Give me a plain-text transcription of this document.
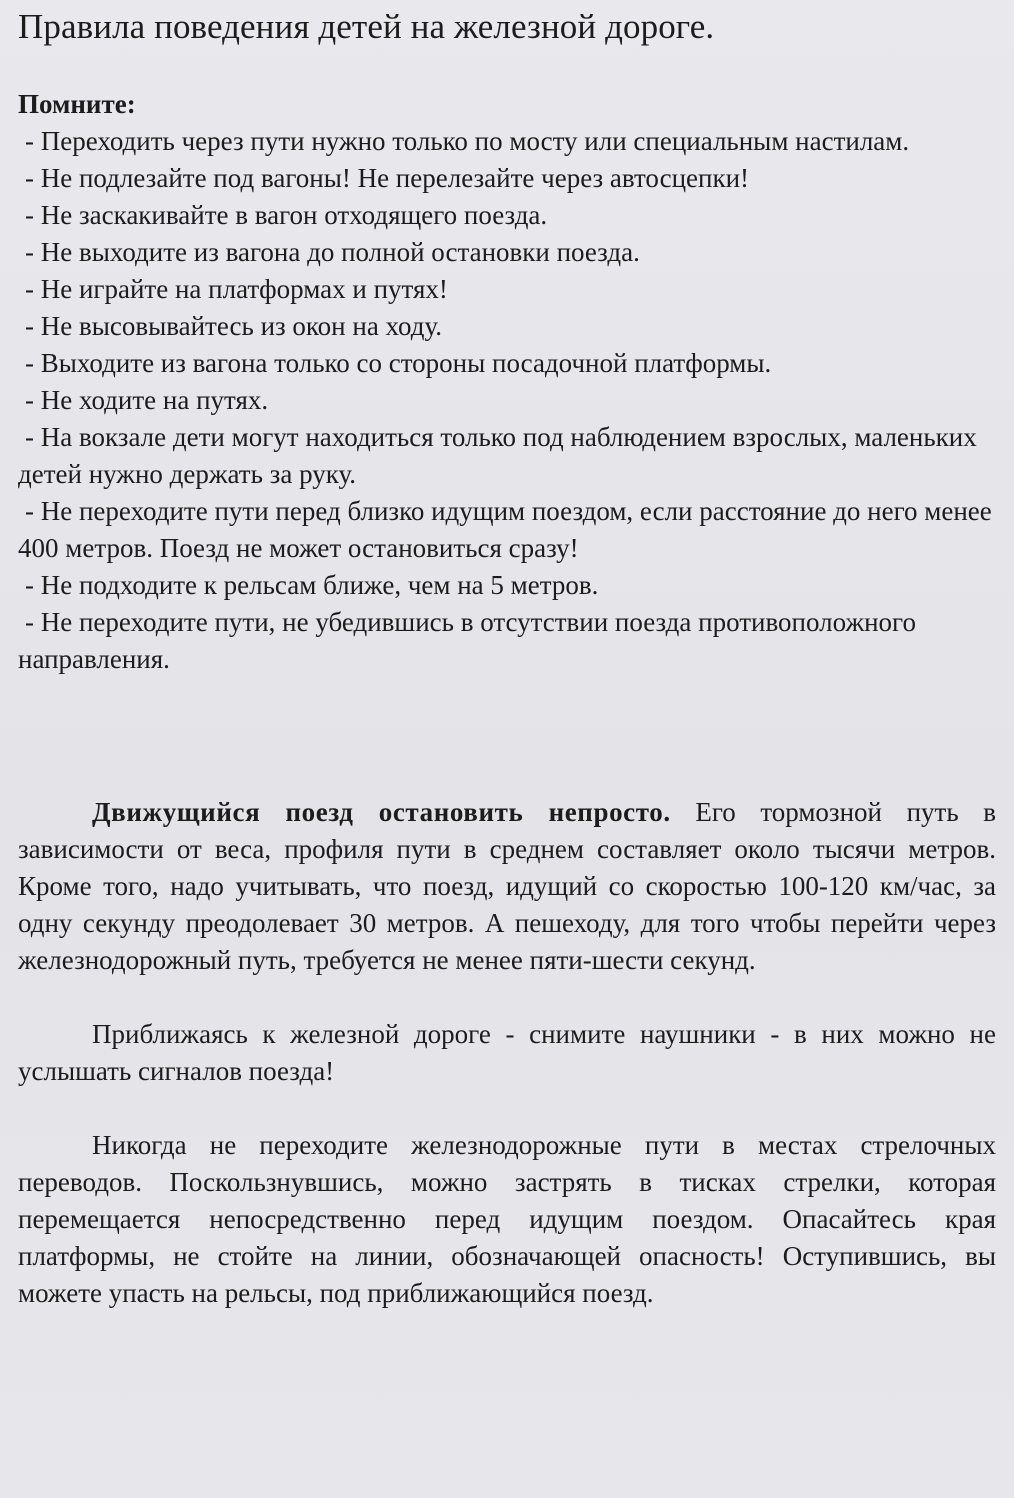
Правила поведения детей на железной дороге.

Помните:

- Переходить через пути нужно только по мосту или специальным настилам.
- Не подлезайте под вагоны! Не перелезайте через автосцепки!
- Не заскакивайте в вагон отходящего поезда.
- Не выходите из вагона до полной остановки поезда.
- Не играйте на платформах и путях!
- Не высовывайтесь из окон на ходу.
- Выходите из вагона только со стороны посадочной платформы.
- Не ходите на путях.
- На вокзале дети могут находиться только под наблюдением взрослых, маленьких детей нужно держать за руку.
- Не переходите пути перед близко идущим поездом, если расстояние до него менее 400 метров. Поезд не может остановиться сразу!
- Не подходите к рельсам ближе, чем на 5 метров.
- Не переходите пути, не убедившись в отсутствии поезда противоположного направления.

Движущийся поезд остановить непросто. Его тормозной путь в зависимости от веса, профиля пути в среднем составляет около тысячи метров. Кроме того, надо учитывать, что поезд, идущий со скоростью 100-120 км/час, за одну секунду преодолевает 30 метров. А пешеходу, для того чтобы перейти через железнодорожный путь, требуется не менее пяти-шести секунд.

Приближаясь к железной дороге - снимите наушники - в них можно не услышать сигналов поезда!

Никогда не переходите железнодорожные пути в местах стрелочных переводов. Поскользнувшись, можно застрять в тисках стрелки, которая перемещается непосредственно перед идущим поездом. Опасайтесь края платформы, не стойте на линии, обозначающей опасность! Оступившись, вы можете упасть на рельсы, под приближающийся поезд.
